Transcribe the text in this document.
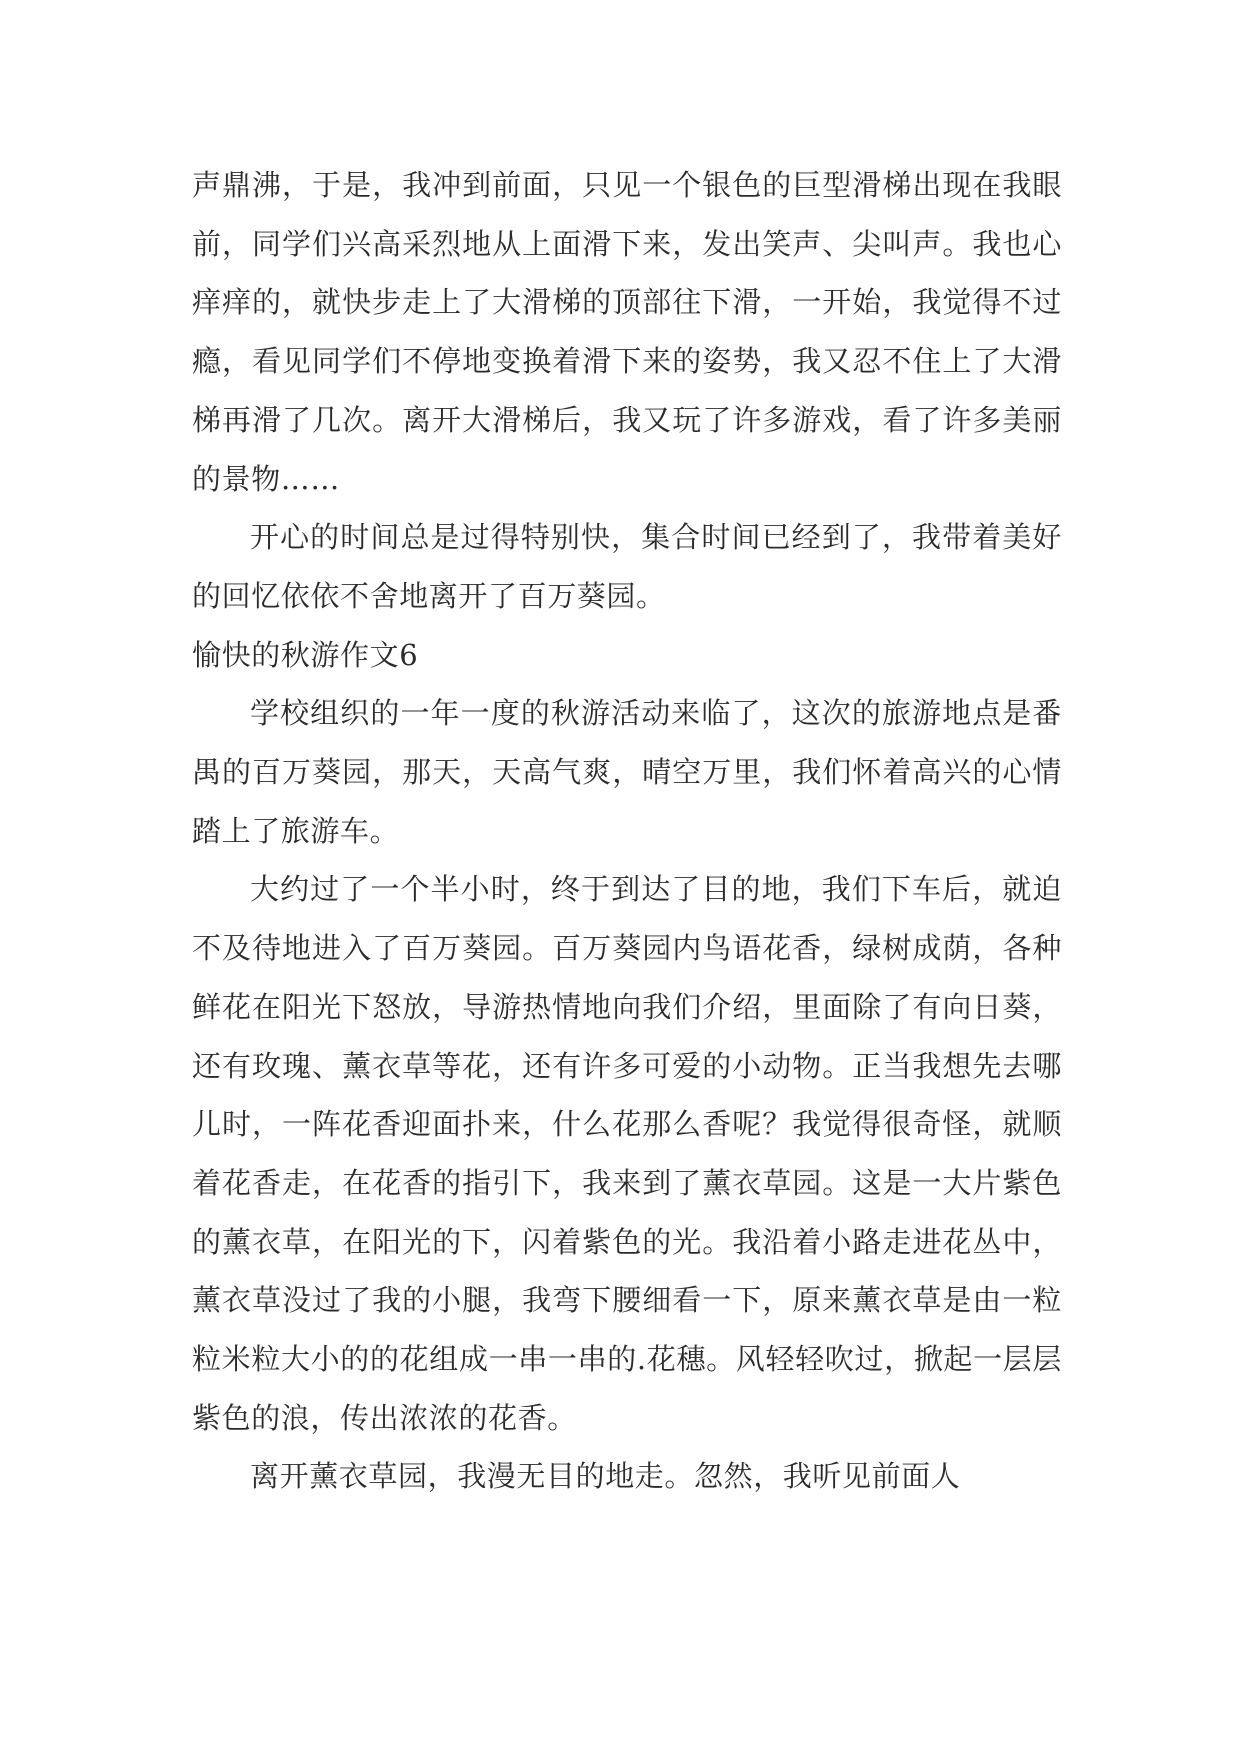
声鼎沸，于是，我冲到前面，只见一个银色的巨型滑梯出现在我眼前，同学们兴高采烈地从上面滑下来，发出笑声、尖叫声。我也心痒痒的，就快步走上了大滑梯的顶部往下滑，一开始，我觉得不过瘾，看见同学们不停地变换着滑下来的姿势，我又忍不住上了大滑梯再滑了几次。离开大滑梯后，我又玩了许多游戏，看了许多美丽的景物……

开心的时间总是过得特别快，集合时间已经到了，我带着美好的回忆依依不舍地离开了百万葵园。

愉快的秋游作文6

学校组织的一年一度的秋游活动来临了，这次的旅游地点是番禺的百万葵园，那天，天高气爽，晴空万里，我们怀着高兴的心情踏上了旅游车。

大约过了一个半小时，终于到达了目的地，我们下车后，就迫不及待地进入了百万葵园。百万葵园内鸟语花香，绿树成荫，各种鲜花在阳光下怒放，导游热情地向我们介绍，里面除了有向日葵，还有玫瑰、薰衣草等花，还有许多可爱的小动物。正当我想先去哪儿时，一阵花香迎面扑来，什么花那么香呢？我觉得很奇怪，就顺着花香走，在花香的指引下，我来到了薰衣草园。这是一大片紫色的薰衣草，在阳光的下，闪着紫色的光。我沿着小路走进花丛中，薰衣草没过了我的小腿，我弯下腰细看一下，原来薰衣草是由一粒粒米粒大小的的花组成一串一串的.花穗。风轻轻吹过，掀起一层层紫色的浪，传出浓浓的花香。

离开薰衣草园，我漫无目的地走。忽然，我听见前面人
